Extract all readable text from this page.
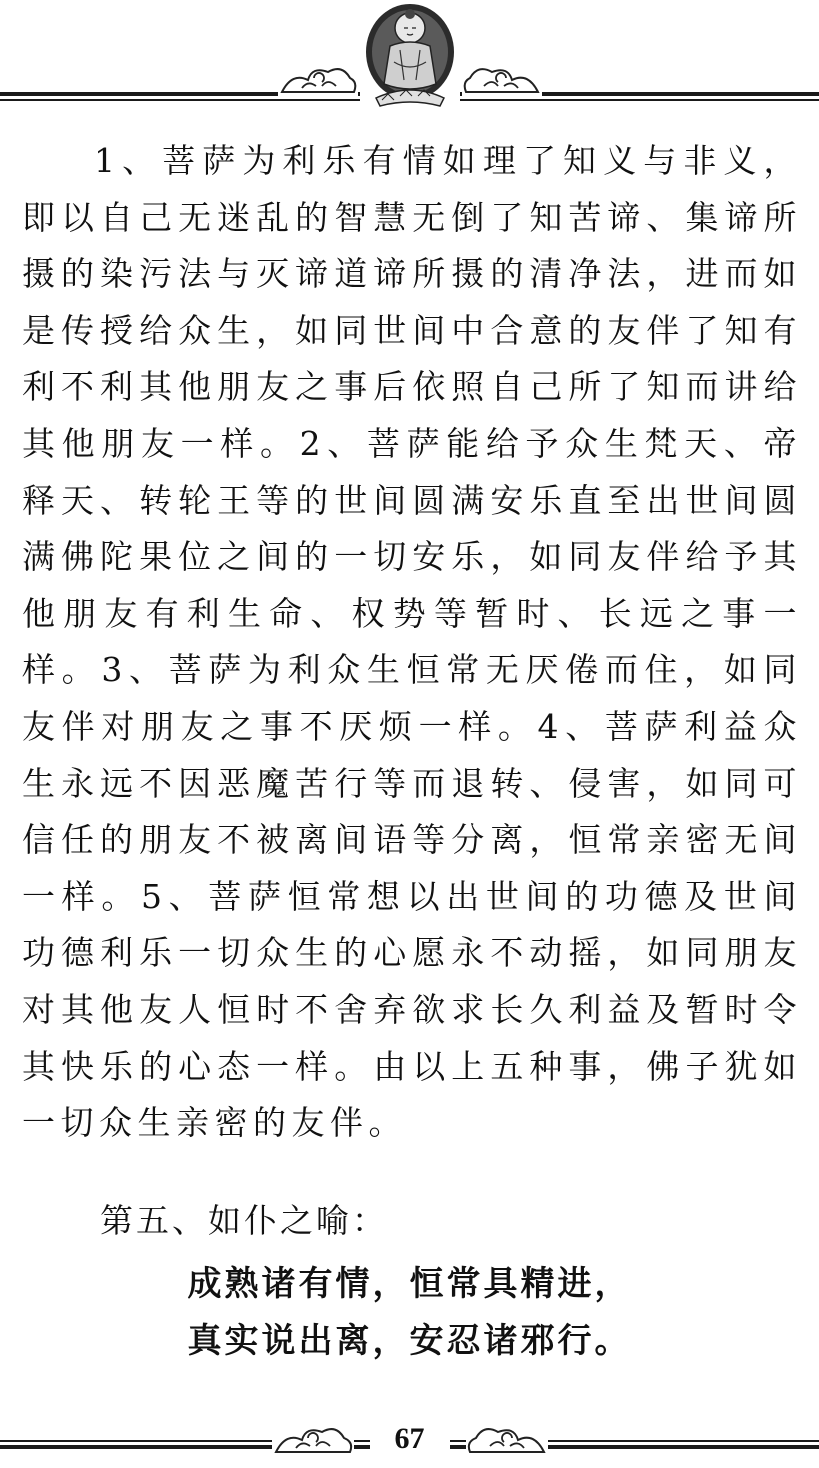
1、菩萨为利乐有情如理了知义与非义，即以自己无迷乱的智慧无倒了知苦谛、集谛所摄的染污法与灭谛道谛所摄的清净法，进而如是传授给众生，如同世间中合意的友伴了知有利不利其他朋友之事后依照自己所了知而讲给其他朋友一样。2、菩萨能给予众生梵天、帝释天、转轮王等的世间圆满安乐直至出世间圆满佛陀果位之间的一切安乐，如同友伴给予其他朋友有利生命、权势等暂时、长远之事一样。3、菩萨为利众生恒常无厌倦而住，如同友伴对朋友之事不厌烦一样。4、菩萨利益众生永远不因恶魔苦行等而退转、侵害，如同可信任的朋友不被离间语等分离，恒常亲密无间一样。5、菩萨恒常想以出世间的功德及世间功德利乐一切众生的心愿永不动摇，如同朋友对其他友人恒时不舍弃欲求长久利益及暂时令其快乐的心态一样。由以上五种事，佛子犹如一切众生亲密的友伴。

第五、如仆之喻：

成熟诸有情，恒常具精进，

真实说出离，安忍诸邪行。

67
